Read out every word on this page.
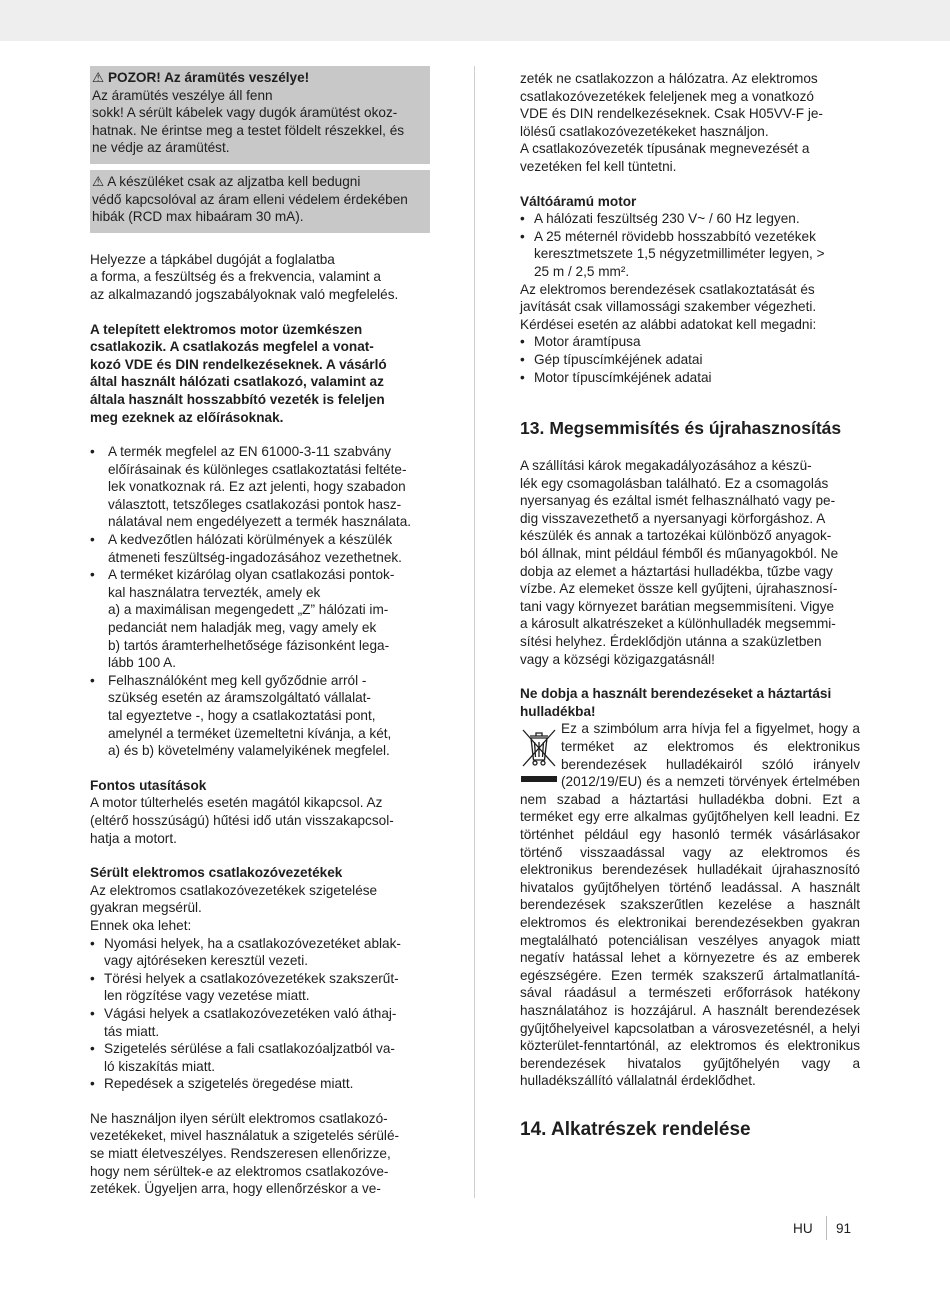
⚠ POZOR! Az áramütés veszélye!
Az áramütés veszélye áll fenn
sokk! A sérült kábelek vagy dugók áramütést okoz-
hatnak. Ne érintse meg a testet földelt részekkel, és
ne védje az áramütést.
⚠ A készüléket csak az aljzatba kell bedugni
védő kapcsolóval az áram elleni védelem érdekében
hibák (RCD max hibaáram 30 mA).
Helyezze a tápkábel dugóját a foglalatba
a forma, a feszültség és a frekvencia, valamint a
az alkalmazandó jogszabályoknak való megfelelés.
A telepített elektromos motor üzemkészen
csatlakozik. A csatlakozás megfelel a vonat-
kozó VDE és DIN rendelkezéseknek. A vásárló
által használt hálózati csatlakozó, valamint az
általa használt hosszabbító vezeték is feleljen
meg ezeknek az előírásoknak.
• A termék megfelel az EN 61000-3-11 szabvány
előírásainak és különleges csatlakoztatási feltéte-
lek vonatkoznak rá. Ez azt jelenti, hogy szabadon
választott, tetszőleges csatlakozási pontok hasz-
nálatával nem engedélyezett a termék használata.
• A kedvezőtlen hálózati körülmények a készülék
átmeneti feszültség-ingadozásához vezethetnek.
• A terméket kizárólag olyan csatlakozási pontok-
kal használatra tervezték, amely ek
a) a maximálisan megengedett „Z” hálózati im-
pedanciát nem haladják meg, vagy amely ek
b) tartós áramterhelhetősége fázisonként lega-
lább 100 A.
• Felhasználóként meg kell győződnie arról -
szükség esetén az áramszolgáltató vállalat-
tal egyeztetve -, hogy a csatlakoztatási pont,
amelynél a terméket üzemeltetni kívánja, a két,
a) és b) követelmény valamelyikének megfelel.
Fontos utasítások
A motor túlterhelés esetén magától kikapcsol. Az
(eltérő hosszúságú) hűtési idő után visszakapcsol-
hatja a motort.
Sérült elektromos csatlakozóvezetékek
Az elektromos csatlakozóvezetékek szigetelése
gyakran megsérül.
Ennek oka lehet:
• Nyomási helyek, ha a csatlakozóvezetéket ablak-
vagy ajtóréseken keresztül vezeti.
• Törési helyek a csatlakozóvezetékek szakszerűt-
len rögzítése vagy vezetése miatt.
• Vágási helyek a csatlakozóvezetéken való áthaj-
tás miatt.
• Szigetelés sérülése a fali csatlakozóaljzatból va-
ló kiszakítás miatt.
• Repedések a szigetelés öregedése miatt.
Ne használjon ilyen sérült elektromos csatlakozó-
vezetékeket, mivel használatuk a szigetelés sérülé-
se miatt életveszélyes. Rendszeresen ellenőrizze,
hogy nem sérültek-e az elektromos csatlakozóve-
zetékek. Ügyeljen arra, hogy ellenőrzéskor a ve-
zeték ne csatlakozzon a hálózatra. Az elektromos
csatlakozóvezetékek feleljenek meg a vonatkozó
VDE és DIN rendelkezéseknek. Csak H05VV-F je-
lölésű csatlakozóvezetékeket használjon.
A csatlakozóvezeték típusának megnevezését a
vezetéken fel kell tüntetni.
Váltóáramú motor
• A hálózati feszültség 230 V~ / 60 Hz legyen.
• A 25 méternél rövidebb hosszabbító vezetékek
keresztmetszete 1,5 négyzetmilliméter legyen, >
25 m / 2,5 mm².
Az elektromos berendezések csatlakoztatását és
javítását csak villamossági szakember végezheti.
Kérdései esetén az alábbi adatokat kell megadni:
• Motor áramtípusa
• Gép típuscímkéjének adatai
• Motor típuscímkéjének adatai
13. Megsemmisítés és újrahasznosítás
A szállítási károk megakadályozásához a készü-
lék egy csomagolásban található. Ez a csomagolás
nyersanyag és ezáltal ismét felhasználható vagy pe-
dig visszavezethető a nyersanyagi körforgáshoz. A
készülék és annak a tartozékai különböző anyagok-
ból állnak, mint például fémből és műanyagokból. Ne
dobja az elemet a háztartási hulladékba, tűzbe vagy
vízbe. Az elemeket össze kell gyűjteni, újrahasznosí-
tani vagy környezet barátian megsemmisíteni. Vigye
a károsult alkatrészeket a különhulladék megsemmi-
sítési helyhez. Érdeklődjön utánna a szaküzletben
vagy a községi közigazgatásnál!
Ne dobja a használt berendezéseket a háztartási
hulladékba!
Ez a szimbólum arra hívja fel a figyelmet, hogy a terméket az elektromos és elektronikus berendezések hulladékairól szóló irányelv (2012/19/EU) és a nemzeti törvények értelmében nem szabad a háztartási hulladékba dobni. Ezt a terméket egy erre alkalmas gyűjtőhelyen kell leadni. Ez történhet például egy hasonló termék vásárlásakor történő visszaadással vagy az elektromos és elektronikus berendezések hulladékait újrahasznosító hivatalos gyűjtőhelyen történő leadással. A használt berendezések szakszerűtlen kezelése a használt elektromos és elektronikai berendezésekben gyakran megtalálható potenciálisan veszélyes anyagok miatt negatív hatással lehet a környezetre és az emberek egészségére. Ezen termék szakszerű ártalmatlanítá-sával ráadásul a természeti erőforrások hatékony használatához is hozzájárul. A használt berendezések gyűjtőhelyeivel kapcsolatban a városvezetésnél, a helyi közterület-fenntartónál, az elektromos és elektronikus berendezések hivatalos gyűjtőhelyén vagy a hulladékszállító vállalatnál érdeklődhet.
14. Alkatrészek rendelése
HU 91
